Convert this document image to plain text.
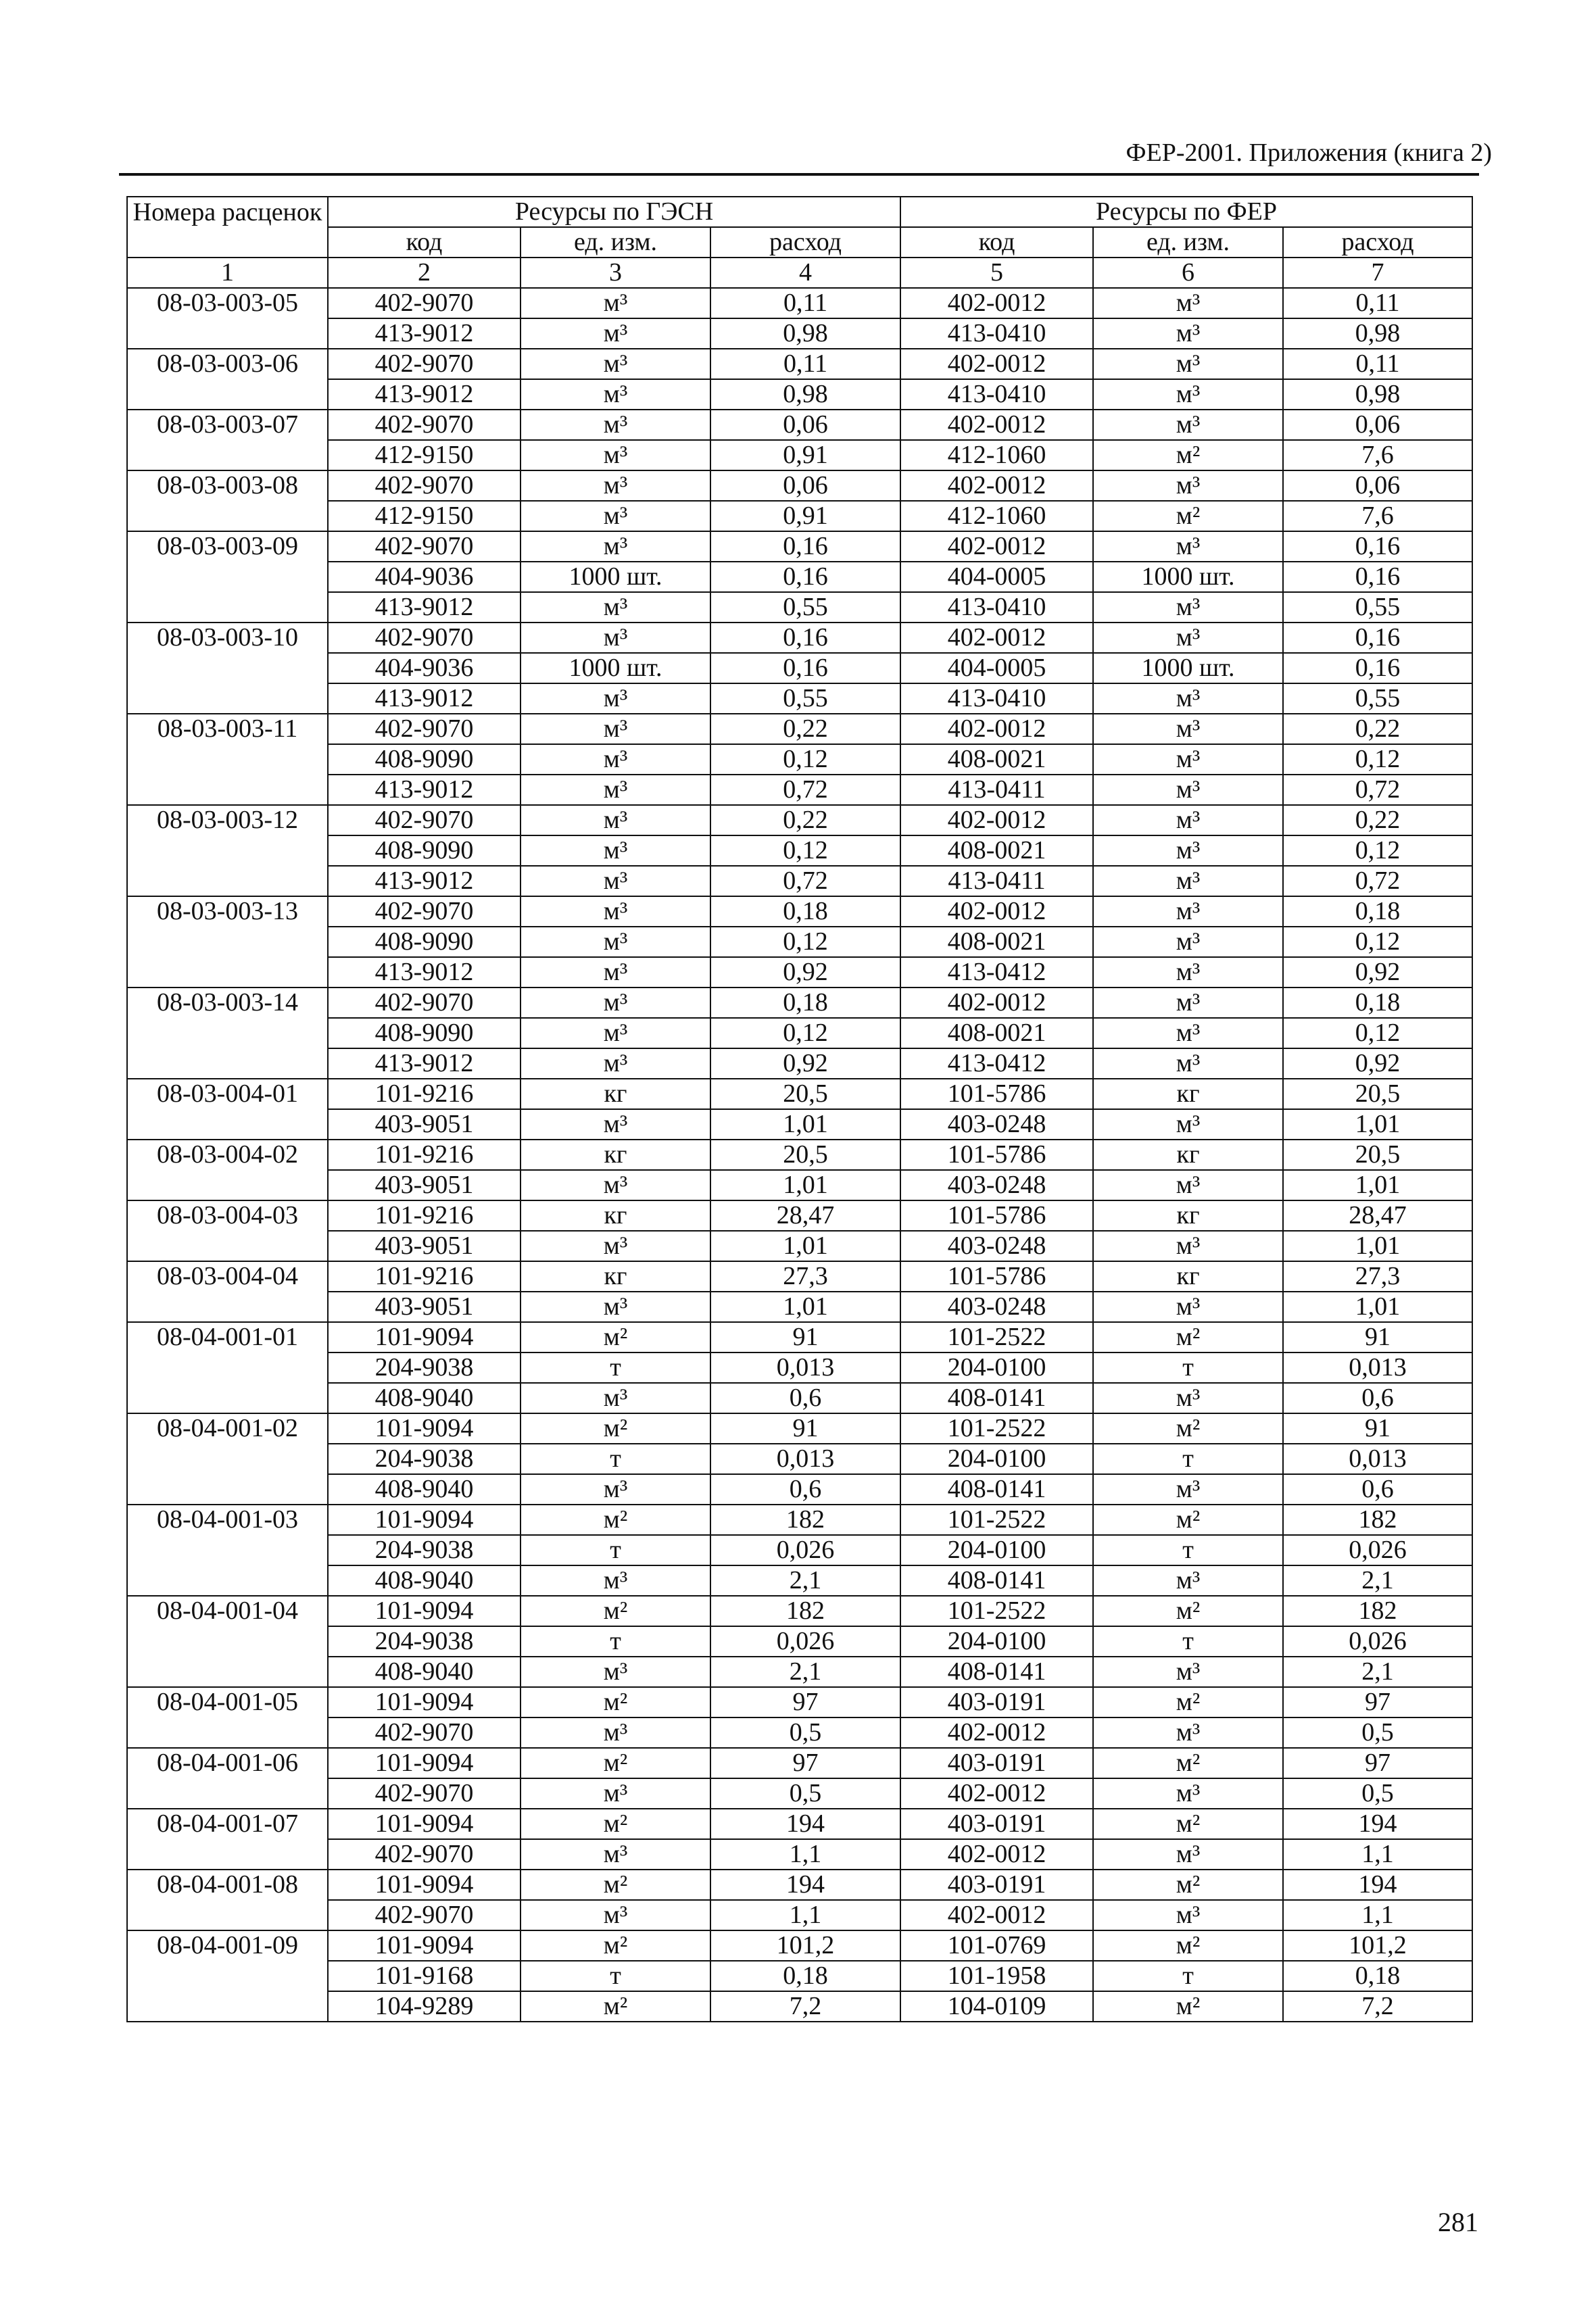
ФЕР-2001. Приложения (книга 2)
Номера расценок	Ресурсы по ГЭСН			Ресурсы по ФЕР		
	код	ед. изм.	расход	код	ед. изм.	расход
1	2	3	4	5	6	7
08-03-003-05	402-9070	м³	0,11	402-0012	м³	0,11
	413-9012	м³	0,98	413-0410	м³	0,98
08-03-003-06	402-9070	м³	0,11	402-0012	м³	0,11
	413-9012	м³	0,98	413-0410	м³	0,98
08-03-003-07	402-9070	м³	0,06	402-0012	м³	0,06
	412-9150	м³	0,91	412-1060	м²	7,6
08-03-003-08	402-9070	м³	0,06	402-0012	м³	0,06
	412-9150	м³	0,91	412-1060	м²	7,6
08-03-003-09	402-9070	м³	0,16	402-0012	м³	0,16
	404-9036	1000 шт.	0,16	404-0005	1000 шт.	0,16
	413-9012	м³	0,55	413-0410	м³	0,55
08-03-003-10	402-9070	м³	0,16	402-0012	м³	0,16
	404-9036	1000 шт.	0,16	404-0005	1000 шт.	0,16
	413-9012	м³	0,55	413-0410	м³	0,55
08-03-003-11	402-9070	м³	0,22	402-0012	м³	0,22
	408-9090	м³	0,12	408-0021	м³	0,12
	413-9012	м³	0,72	413-0411	м³	0,72
08-03-003-12	402-9070	м³	0,22	402-0012	м³	0,22
	408-9090	м³	0,12	408-0021	м³	0,12
	413-9012	м³	0,72	413-0411	м³	0,72
08-03-003-13	402-9070	м³	0,18	402-0012	м³	0,18
	408-9090	м³	0,12	408-0021	м³	0,12
	413-9012	м³	0,92	413-0412	м³	0,92
08-03-003-14	402-9070	м³	0,18	402-0012	м³	0,18
	408-9090	м³	0,12	408-0021	м³	0,12
	413-9012	м³	0,92	413-0412	м³	0,92
08-03-004-01	101-9216	кг	20,5	101-5786	кг	20,5
	403-9051	м³	1,01	403-0248	м³	1,01
08-03-004-02	101-9216	кг	20,5	101-5786	кг	20,5
	403-9051	м³	1,01	403-0248	м³	1,01
08-03-004-03	101-9216	кг	28,47	101-5786	кг	28,47
	403-9051	м³	1,01	403-0248	м³	1,01
08-03-004-04	101-9216	кг	27,3	101-5786	кг	27,3
	403-9051	м³	1,01	403-0248	м³	1,01
08-04-001-01	101-9094	м²	91	101-2522	м²	91
	204-9038	т	0,013	204-0100	т	0,013
	408-9040	м³	0,6	408-0141	м³	0,6
08-04-001-02	101-9094	м²	91	101-2522	м²	91
	204-9038	т	0,013	204-0100	т	0,013
	408-9040	м³	0,6	408-0141	м³	0,6
08-04-001-03	101-9094	м²	182	101-2522	м²	182
	204-9038	т	0,026	204-0100	т	0,026
	408-9040	м³	2,1	408-0141	м³	2,1
08-04-001-04	101-9094	м²	182	101-2522	м²	182
	204-9038	т	0,026	204-0100	т	0,026
	408-9040	м³	2,1	408-0141	м³	2,1
08-04-001-05	101-9094	м²	97	403-0191	м²	97
	402-9070	м³	0,5	402-0012	м³	0,5
08-04-001-06	101-9094	м²	97	403-0191	м²	97
	402-9070	м³	0,5	402-0012	м³	0,5
08-04-001-07	101-9094	м²	194	403-0191	м²	194
	402-9070	м³	1,1	402-0012	м³	1,1
08-04-001-08	101-9094	м²	194	403-0191	м²	194
	402-9070	м³	1,1	402-0012	м³	1,1
08-04-001-09	101-9094	м²	101,2	101-0769	м²	101,2
	101-9168	т	0,18	101-1958	т	0,18
	104-9289	м²	7,2	104-0109	м²	7,2
281
